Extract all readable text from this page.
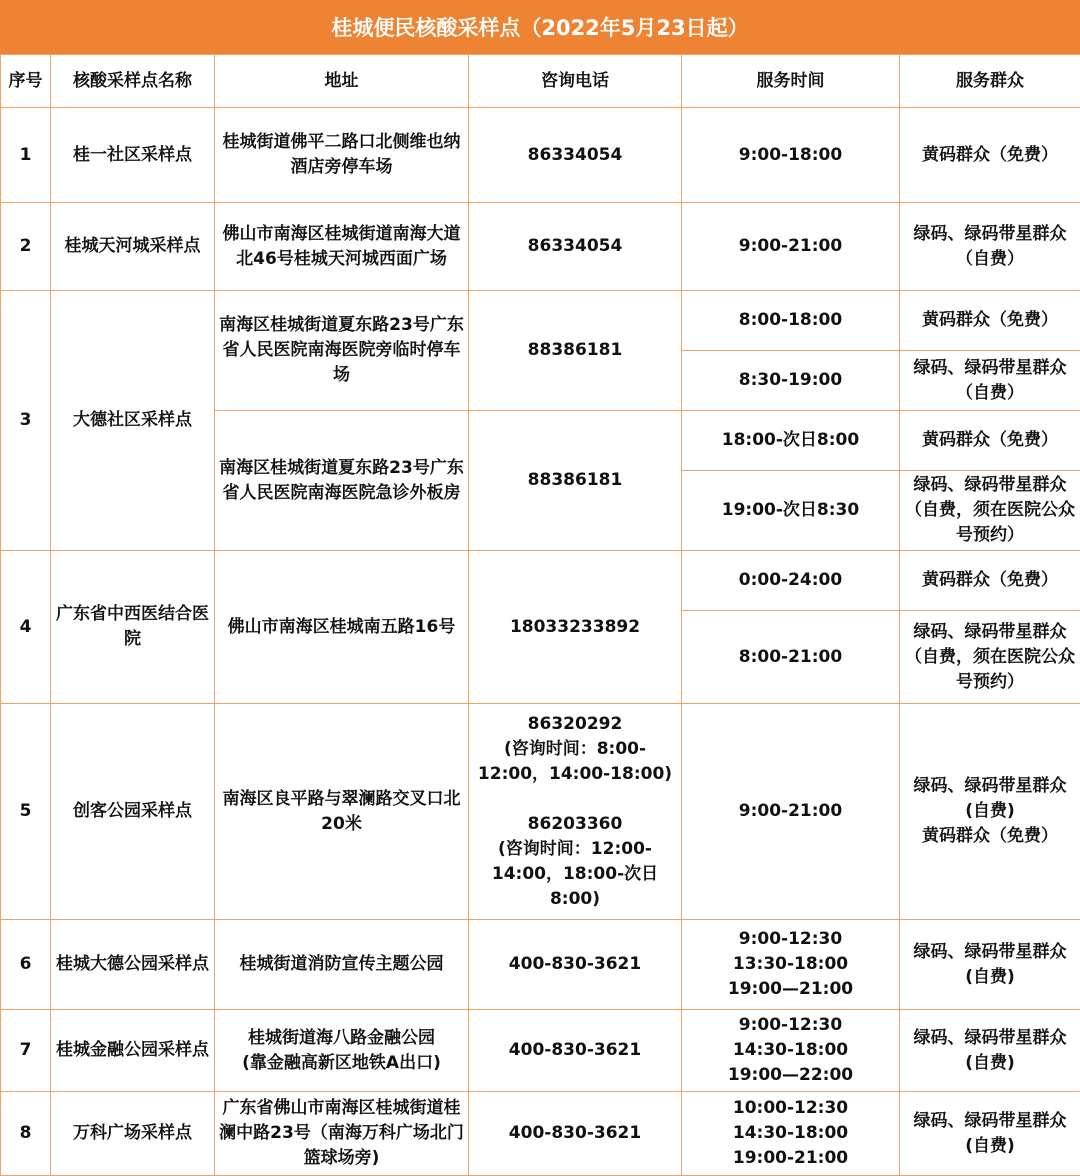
桂城便民核酸采样点（2022年5月23日起）
序号	核酸采样点名称	地址	咨询电话	服务时间	服务群众
1	桂一社区采样点	桂城街道佛平二路口北侧维也纳酒店旁停车场	86334054	9:00-18:00	黄码群众（免费）
2	桂城天河城采样点	佛山市南海区桂城街道南海大道北46号桂城天河城西面广场	86334054	9:00-21:00	绿码、绿码带星群众（自费）
3	大德社区采样点	南海区桂城街道夏东路23号广东省人民医院南海医院旁临时停车场	88386181	8:00-18:00	黄码群众（免费）
				8:30-19:00	绿码、绿码带星群众（自费）
		南海区桂城街道夏东路23号广东省人民医院南海医院急诊外板房	88386181	18:00-次日8:00	黄码群众（免费）
				19:00-次日8:30	绿码、绿码带星群众（自费，须在医院公众号预约）
4	广东省中西医结合医院	佛山市南海区桂城南五路16号	18033233892	0:00-24:00	黄码群众（免费）
				8:00-21:00	绿码、绿码带星群众（自费，须在医院公众号预约）
5	创客公园采样点	南海区良平路与翠澜路交叉口北20米	86320292
(咨询时间：8:00-12:00，14:00-18:00)

86203360
(咨询时间：12:00-14:00，18:00-次日8:00)	9:00-21:00	绿码、绿码带星群众
(自费)
黄码群众（免费）
6	桂城大德公园采样点	桂城街道消防宣传主题公园	400-830-3621	9:00-12:30
13:30-18:00
19:00—21:00	绿码、绿码带星群众
(自费)
7	桂城金融公园采样点	桂城街道海八路金融公园
(靠金融高新区地铁A出口)	400-830-3621	9:00-12:30
14:30-18:00
19:00—22:00	绿码、绿码带星群众
(自费)
8	万科广场采样点	广东省佛山市南海区桂城街道桂澜中路23号（南海万科广场北门篮球场旁)	400-830-3621	10:00-12:30
14:30-18:00
19:00-21:00	绿码、绿码带星群众
(自费)
